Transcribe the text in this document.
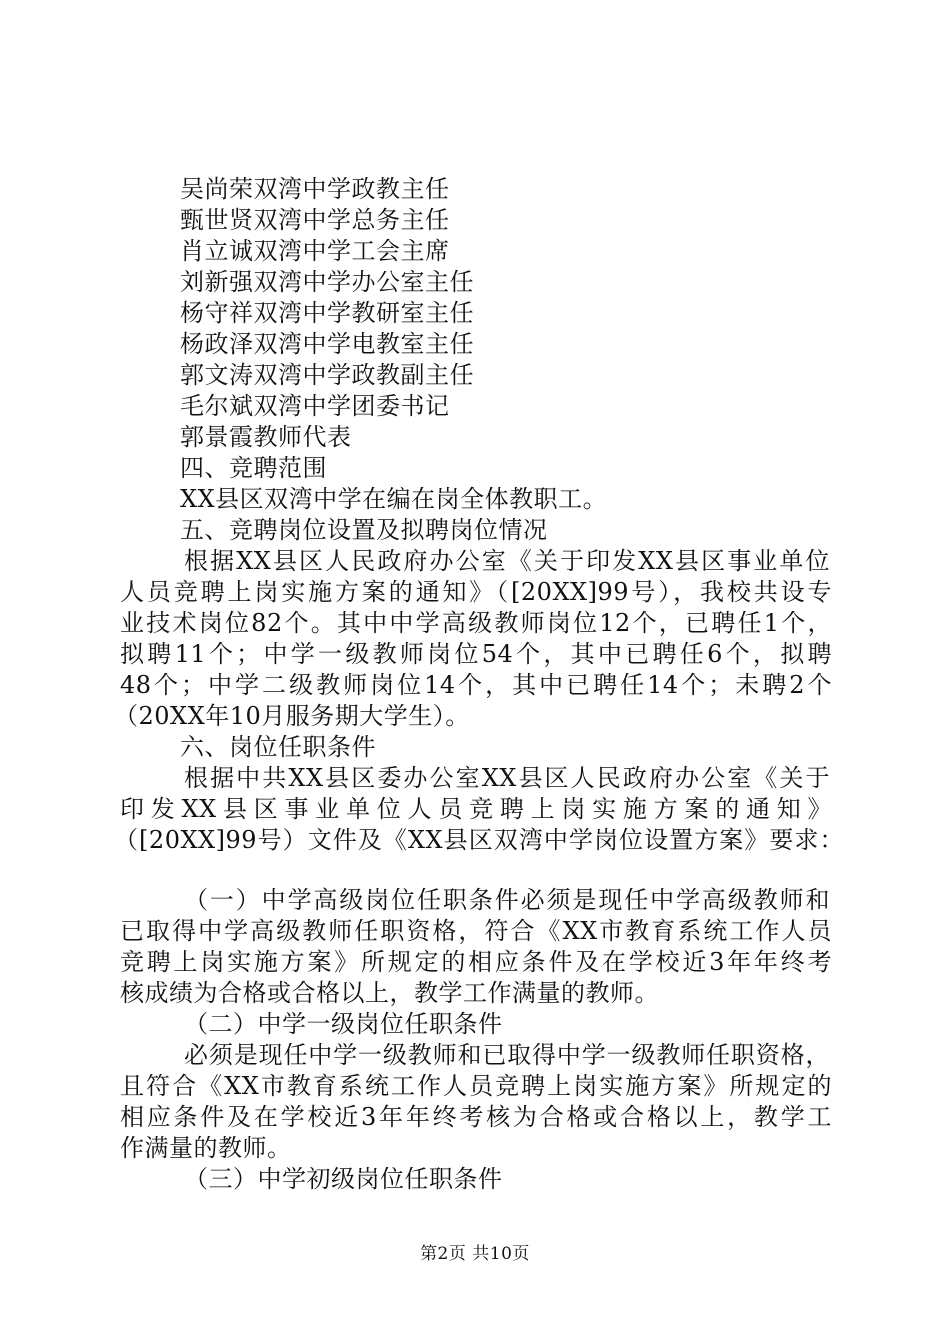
吴尚荣双湾中学政教主任
甄世贤双湾中学总务主任
肖立诚双湾中学工会主席
刘新强双湾中学办公室主任
杨守祥双湾中学教研室主任
杨政泽双湾中学电教室主任
郭文涛双湾中学政教副主任
毛尔斌双湾中学团委书记
郭景霞教师代表
四、竞聘范围
XX县区双湾中学在编在岗全体教职工。
五、竞聘岗位设置及拟聘岗位情况
根据XX县区人民政府办公室《关于印发XX县区事业单位
人员竞聘上岗实施方案的通知》（[20XX]99号），我校共设专
业技术岗位82个。其中中学高级教师岗位12个，已聘任1个，
拟聘11个；中学一级教师岗位54个，其中已聘任6个，拟聘
48个；中学二级教师岗位14个，其中已聘任14个；未聘2个
（20XX年10月服务期大学生）。
六、岗位任职条件
根据中共XX县区委办公室XX县区人民政府办公室《关于
印发XX县区事业单位人员竞聘上岗实施方案的通知》
（[20XX]99号）文件及《XX县区双湾中学岗位设置方案》要求：
（一）中学高级岗位任职条件必须是现任中学高级教师和
已取得中学高级教师任职资格，符合《XX市教育系统工作人员
竞聘上岗实施方案》所规定的相应条件及在学校近3年年终考
核成绩为合格或合格以上，教学工作满量的教师。
（二）中学一级岗位任职条件
必须是现任中学一级教师和已取得中学一级教师任职资格，
且符合《XX市教育系统工作人员竞聘上岗实施方案》所规定的
相应条件及在学校近3年年终考核为合格或合格以上，教学工
作满量的教师。
（三）中学初级岗位任职条件
第2页 共10页
